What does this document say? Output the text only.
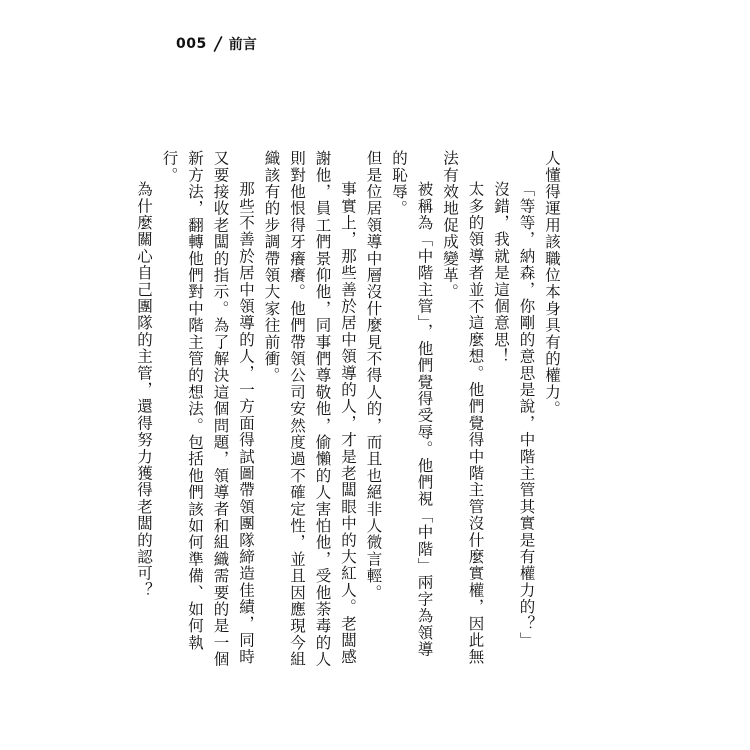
005 前言

人懂得運用該職位本身具有的權力。

「等等，納森，你剛的意思是說，中階主管其實是有權力的？」

沒錯，我就是這個意思！

太多的領導者並不這麼想。他們覺得中階主管沒什麼實權，因此無法有效地促成變革。

被稱為「中階主管」，他們覺得受辱。他們視「中階」兩字為領導的恥辱。

但是位居領導中層沒什麼見不得人的，而且也絕非人微言輕。

事實上，那些善於居中領導的人，才是老闆眼中的大紅人。老闆感謝他，員工們景仰他，同事們尊敬他，偷懶的人害怕他，受他荼毒的人則對他恨得牙癢癢。他們帶領公司安然度過不確定性，並且因應現今組織該有的步調帶領大家往前衝。

那些不善於居中領導的人，一方面得試圖帶領團隊締造佳績，同時又要接收老闆的指示。為了解決這個問題，領導者和組織需要的是一個新方法，翻轉他們對中階主管的想法。包括他們該如何準備、如何執行。

為什麼關心自己團隊的主管，還得努力獲得老闆的認可？
